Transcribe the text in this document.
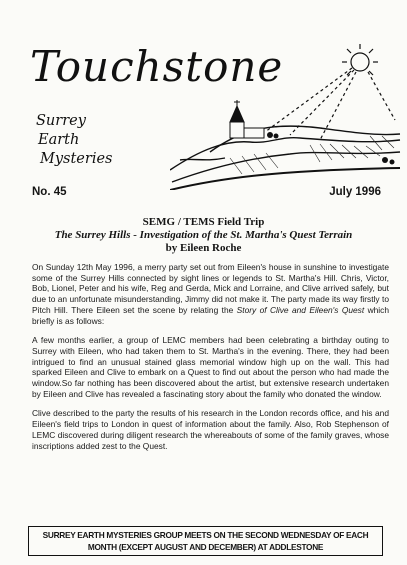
Touchstone
Surrey
Earth
Mysteries
No. 45	July 1996
SEMG / TEMS Field Trip
The Surrey Hills - Investigation of the St. Martha's Quest Terrain
by Eileen Roche

On Sunday 12th May 1996, a merry party set out from Eileen's house in sunshine to investigate some of the Surrey Hills connected by sight lines or legends to St. Martha's Hill. Chris, Victor, Bob, Lionel, Peter and his wife, Reg and Gerda, Mick and Lorraine, and Clive arrived safely, but due to an unfortunate misunderstanding, Jimmy did not make it. The party made its way firstly to Pitch Hill. There Eileen set the scene by relating the Story of Clive and Eileen's Quest which briefly is as follows:

A few months earlier, a group of LEMC members had been celebrating a birthday outing to Surrey with Eileen, who had taken them to St. Martha's in the evening. There, they had been intrigued to find an unusual stained glass memorial window high up on the wall. This had sparked Eileen and Clive to embark on a Quest to find out about the person who had made the window.So far nothing has been discovered about the artist, but extensive research undertaken by Eileen and Clive has revealed a fascinating story about the family who donated the window.

Clive described to the party the results of his research in the London records office, and his and Eileen's field trips to London in quest of information about the family. Also, Rob Stephenson of LEMC discovered during diligent research the whereabouts of some of the family graves, whose inscriptions added zest to the Quest.

SURREY EARTH MYSTERIES GROUP MEETS ON THE SECOND WEDNESDAY OF EACH MONTH (EXCEPT AUGUST AND DECEMBER) AT ADDLESTONE
